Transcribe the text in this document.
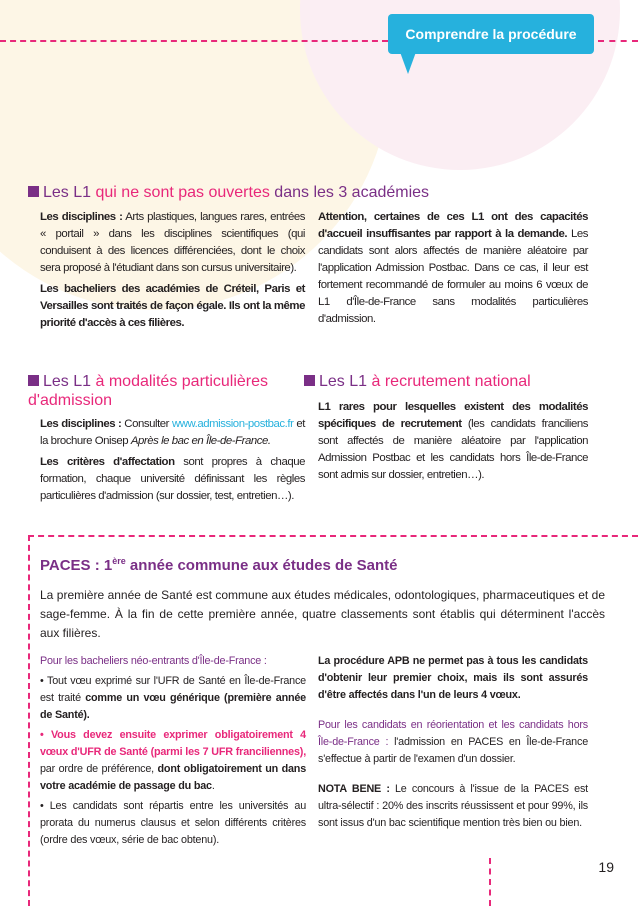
Comprendre la procédure
Les L1 qui ne sont pas ouvertes dans les 3 académies

Les disciplines : Arts plastiques, langues rares, entrées « portail » dans les disciplines scientifiques (qui conduisent à des licences différenciées, dont le choix sera proposé à l'étudiant dans son cursus universitaire).

Les bacheliers des académies de Créteil, Paris et Versailles sont traités de façon égale. Ils ont la même priorité d'accès à ces filières.

Attention, certaines de ces L1 ont des capacités d'accueil insuffisantes par rapport à la demande. Les candidats sont alors affectés de manière aléatoire par l'application Admission Postbac. Dans ce cas, il leur est fortement recommandé de formuler au moins 6 vœux de L1 d'Île-de-France sans modalités particulières d'admission.

Les L1 à modalités particulières d'admission

Les disciplines : Consulter www.admission-postbac.fr et la brochure Onisep Après le bac en Île-de-France.

Les critères d'affectation sont propres à chaque formation, chaque université définissant les règles particulières d'admission (sur dossier, test, entretien…).

Les L1 à recrutement national

L1 rares pour lesquelles existent des modalités spécifiques de recrutement (les candidats franciliens sont affectés de manière aléatoire par l'application Admission Postbac et les candidats hors Île-de-France sont admis sur dossier, entretien…).

PACES : 1ère année commune aux études de Santé

La première année de Santé est commune aux études médicales, odontologiques, pharmaceutiques et de sage-femme. À la fin de cette première année, quatre classements sont établis qui déterminent l'accès aux filières.

Pour les bacheliers néo-entrants d'Île-de-France :

• Tout vœu exprimé sur l'UFR de Santé en Île-de-France est traité comme un vœu générique (première année de Santé).

• Vous devez ensuite exprimer obligatoirement 4 vœux d'UFR de Santé (parmi les 7 UFR franciliennes), par ordre de préférence, dont obligatoirement un dans votre académie de passage du bac.

• Les candidats sont répartis entre les universités au prorata du numerus clausus et selon différents critères (ordre des vœux, série de bac obtenu).

La procédure APB ne permet pas à tous les candidats d'obtenir leur premier choix, mais ils sont assurés d'être affectés dans l'un de leurs 4 vœux.

Pour les candidats en réorientation et les candidats hors Île-de-France : l'admission en PACES en Île-de-France s'effectue à partir de l'examen d'un dossier.

NOTA BENE : Le concours à l'issue de la PACES est ultra-sélectif : 20% des inscrits réussissent et pour 99%, ils sont issus d'un bac scientifique mention très bien ou bien.

19
